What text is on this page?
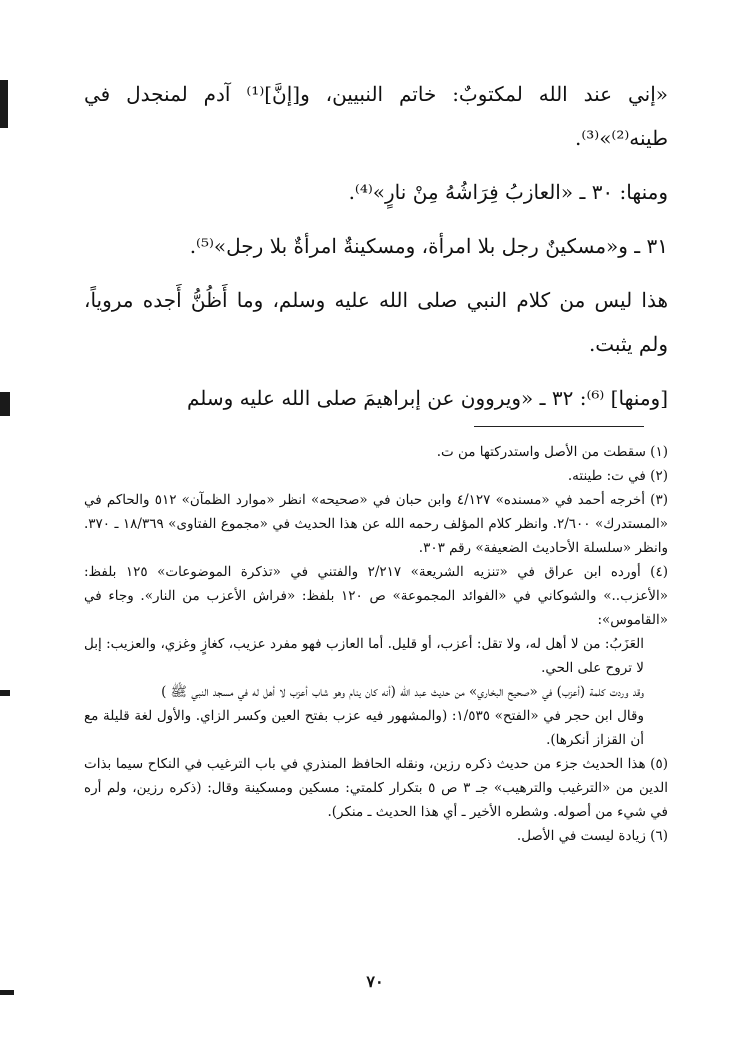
«إني عند الله لمكتوبٌ: خاتم النبيين، و[إنَّ]⁽¹⁾ آدم لمنجدل في طينه⁽²⁾»⁽³⁾.

ومنها: ٣٠ ـ «العازبُ فِرَاشُهُ مِنْ نارٍ»⁽⁴⁾.

٣١ ـ و«مسكينٌ رجل بلا امرأة، ومسكينةٌ امرأةٌ بلا رجل»⁽⁵⁾.

هذا ليس من كلام النبي صلى الله عليه وسلم، وما أَظُنُّ أَجده مروياً، ولم يثبت.

[ومنها] ⁽⁶⁾: ٣٢ ـ «ويروون عن إبراهيمَ صلى الله عليه وسلم

(١) سقطت من الأصل واستدركتها من ت.

(٢) في ت: طينته.

(٣) أخرجه أحمد في «مسنده» ٤/١٢٧ وابن حبان في «صحيحه» انظر «موارد الظمآن» ٥١٢ والحاكم في «المستدرك» ٢/٦٠٠. وانظر كلام المؤلف رحمه الله عن هذا الحديث في «مجموع الفتاوى» ١٨/٣٦٩ ـ ٣٧٠. وانظر «سلسلة الأحاديث الضعيفة» رقم ٣٠٣.

(٤) أورده ابن عراق في «تنزيه الشريعة» ٢/٢١٧ والفتني في «تذكرة الموضوعات» ١٢٥ بلفظ: «الأعزب..» والشوكاني في «الفوائد المجموعة» ص ١٢٠ بلفظ: «فراش الأعزب من النار». وجاء في «القاموس»:

العَزَبُ: من لا أهل له، ولا تقل: أعزب، أو قليل. أما العازب فهو مفرد عزيب، كغازٍ وغزي، والعزيب: إبل لا تروح على الحي.

وقد وردت كلمة (أعزب) في «صحيح البخاري» من حديث عبد الله (أنه كان ينام وهو شاب أعزب لا أهل له في مسجد النبي ﷺ )

وقال ابن حجر في «الفتح» ١/٥٣٥: (والمشهور فيه عزب بفتح العين وكسر الزاي. والأول لغة قليلة مع أن القزاز أنكرها).

(٥) هذا الحديث جزء من حديث ذكره رزين، ونقله الحافظ المنذري في باب الترغيب في النكاح سيما بذات الدين من «الترغيب والترهيب» جـ ٣ ص ٥ بتكرار كلمتي: مسكين ومسكينة وقال: (ذكره رزين، ولم أره في شيء من أصوله. وشطره الأخير ـ أي هذا الحديث ـ منكر).

(٦) زيادة ليست في الأصل.

٧٠
